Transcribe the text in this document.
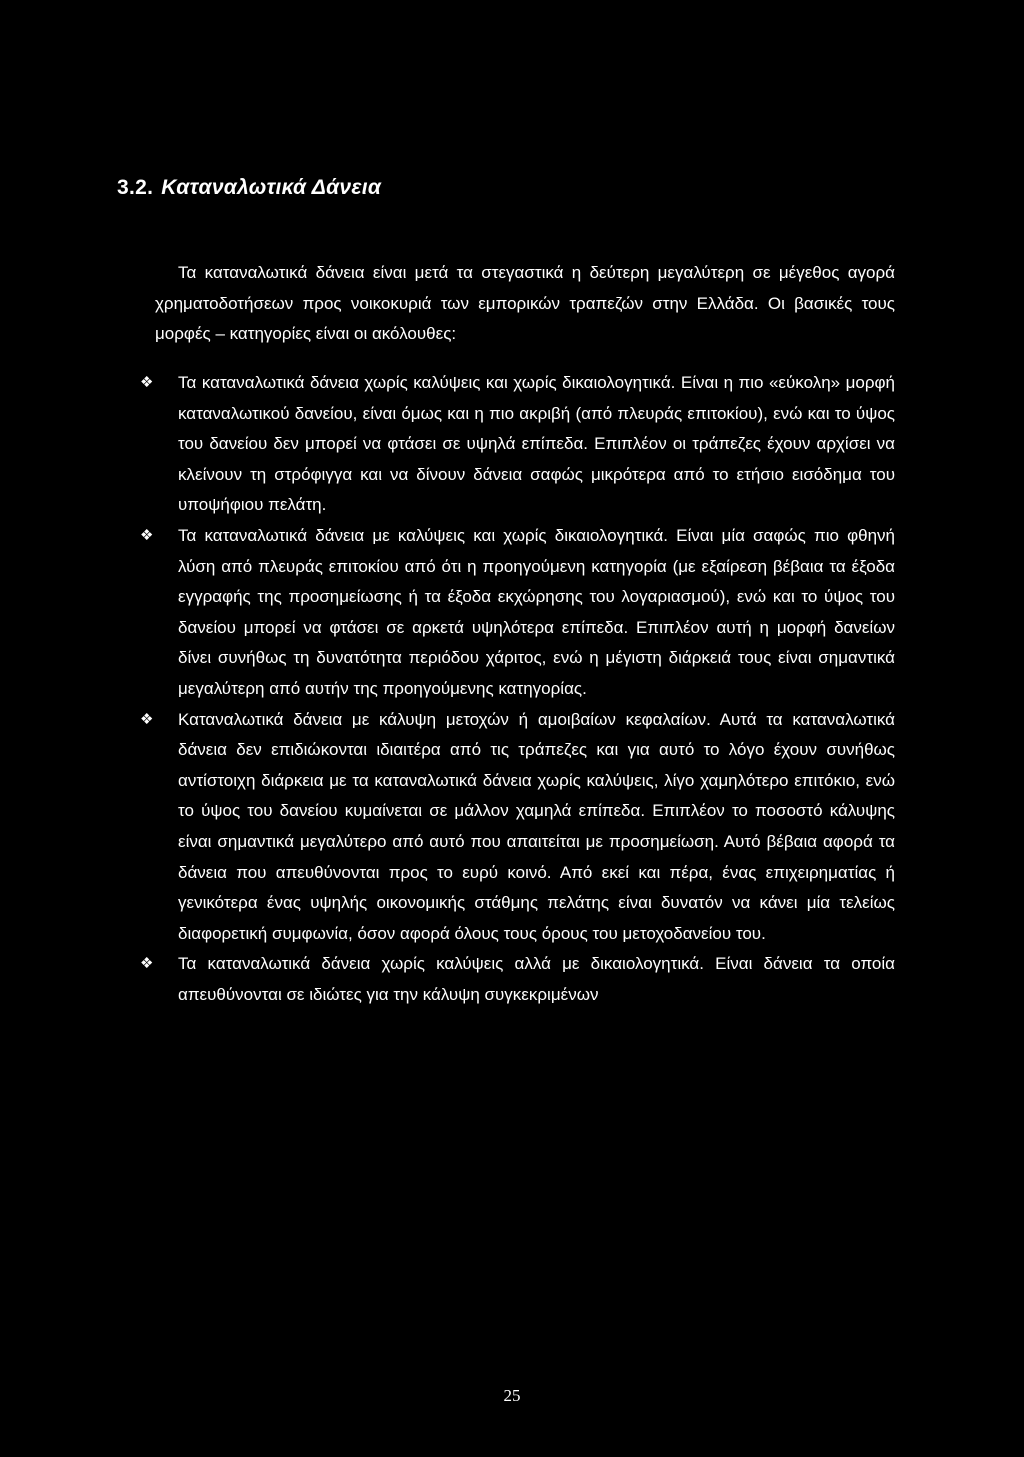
3.2. Καταναλωτικά Δάνεια

Τα καταναλωτικά δάνεια είναι μετά τα στεγαστικά η δεύτερη μεγαλύτερη σε μέγεθος αγορά χρηματοδοτήσεων προς νοικοκυριά των εμπορικών τραπεζών στην Ελλάδα. Οι βασικές τους μορφές – κατηγορίες είναι οι ακόλουθες:

❖ Τα καταναλωτικά δάνεια χωρίς καλύψεις και χωρίς δικαιολογητικά. Είναι η πιο «εύκολη» μορφή καταναλωτικού δανείου, είναι όμως και η πιο ακριβή (από πλευράς επιτοκίου), ενώ και το ύψος του δανείου δεν μπορεί να φτάσει σε υψηλά επίπεδα. Επιπλέον οι τράπεζες έχουν αρχίσει να κλείνουν τη στρόφιγγα και να δίνουν δάνεια σαφώς μικρότερα από το ετήσιο εισόδημα του υποψήφιου πελάτη.
❖ Τα καταναλωτικά δάνεια με καλύψεις και χωρίς δικαιολογητικά. Είναι μία σαφώς πιο φθηνή λύση από πλευράς επιτοκίου από ότι η προηγούμενη κατηγορία (με εξαίρεση βέβαια τα έξοδα εγγραφής της προσημείωσης ή τα έξοδα εκχώρησης του λογαριασμού), ενώ και το ύψος του δανείου μπορεί να φτάσει σε αρκετά υψηλότερα επίπεδα. Επιπλέον αυτή η μορφή δανείων δίνει συνήθως τη δυνατότητα περιόδου χάριτος, ενώ η μέγιστη διάρκειά τους είναι σημαντικά μεγαλύτερη από αυτήν της προηγούμενης κατηγορίας.
❖ Καταναλωτικά δάνεια με κάλυψη μετοχών ή αμοιβαίων κεφαλαίων. Αυτά τα καταναλωτικά δάνεια δεν επιδιώκονται ιδιαιτέρα από τις τράπεζες και για αυτό το λόγο έχουν συνήθως αντίστοιχη διάρκεια με τα καταναλωτικά δάνεια χωρίς καλύψεις, λίγο χαμηλότερο επιτόκιο, ενώ το ύψος του δανείου κυμαίνεται σε μάλλον χαμηλά επίπεδα. Επιπλέον το ποσοστό κάλυψης είναι σημαντικά μεγαλύτερο από αυτό που απαιτείται με προσημείωση. Αυτό βέβαια αφορά τα δάνεια που απευθύνονται προς το ευρύ κοινό. Από εκεί και πέρα, ένας επιχειρηματίας ή γενικότερα ένας υψηλής οικονομικής στάθμης πελάτης είναι δυνατόν να κάνει μία τελείως διαφορετική συμφωνία, όσον αφορά όλους τους όρους του μετοχοδανείου του.
❖ Τα καταναλωτικά δάνεια χωρίς καλύψεις αλλά με δικαιολογητικά. Είναι δάνεια τα οποία απευθύνονται σε ιδιώτες για την κάλυψη συγκεκριμένων
25
